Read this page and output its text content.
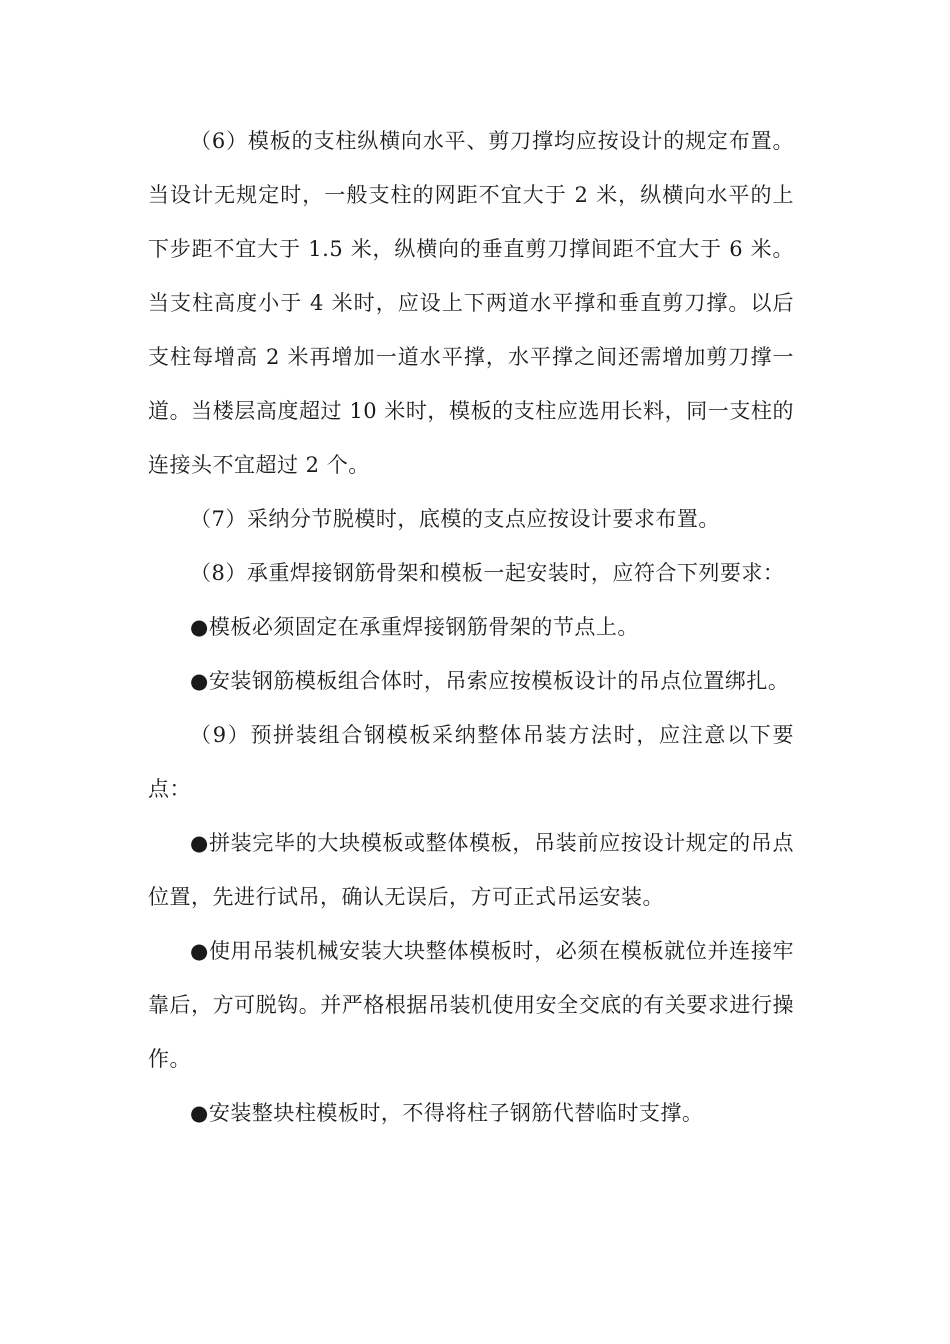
（6）模板的支柱纵横向水平、剪刀撑均应按设计的规定布置。当设计无规定时，一般支柱的网距不宜大于 2 米，纵横向水平的上下步距不宜大于 1.5 米，纵横向的垂直剪刀撑间距不宜大于 6 米。当支柱高度小于 4 米时，应设上下两道水平撑和垂直剪刀撑。以后支柱每增高 2 米再增加一道水平撑，水平撑之间还需增加剪刀撑一道。当楼层高度超过 10 米时，模板的支柱应选用长料，同一支柱的连接头不宜超过 2 个。

（7）采纳分节脱模时，底模的支点应按设计要求布置。

（8）承重焊接钢筋骨架和模板一起安装时，应符合下列要求：

●模板必须固定在承重焊接钢筋骨架的节点上。

●安装钢筋模板组合体时，吊索应按模板设计的吊点位置绑扎。

（9）预拼装组合钢模板采纳整体吊装方法时，应注意以下要点：

●拼装完毕的大块模板或整体模板，吊装前应按设计规定的吊点位置，先进行试吊，确认无误后，方可正式吊运安装。

●使用吊装机械安装大块整体模板时，必须在模板就位并连接牢靠后，方可脱钩。并严格根据吊装机使用安全交底的有关要求进行操作。

●安装整块柱模板时，不得将柱子钢筋代替临时支撑。
